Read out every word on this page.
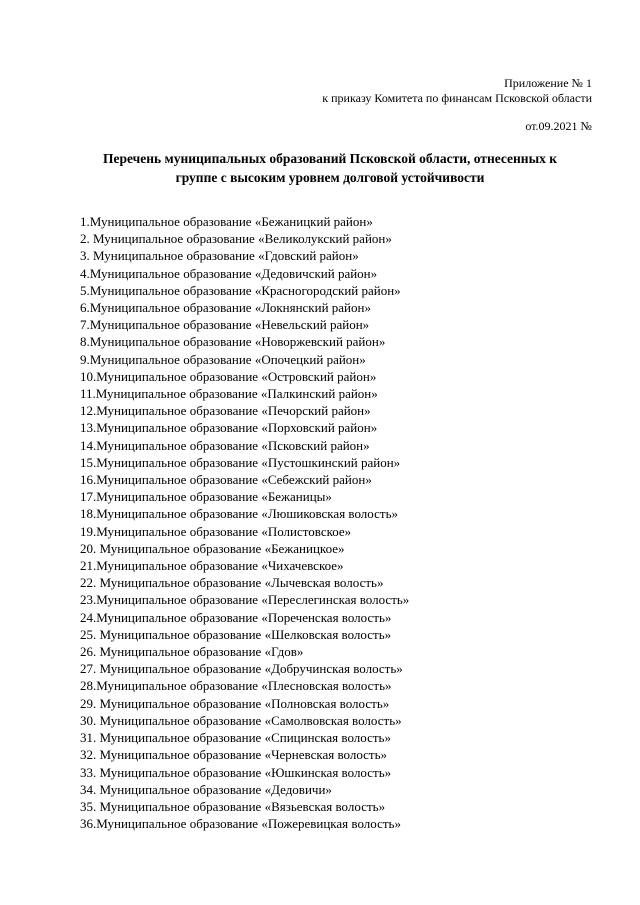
Приложение № 1
к приказу Комитета по финансам Псковской области
от.09.2021 №
Перечень муниципальных образований Псковской области, отнесенных к
группе с высоким уровнем долговой устойчивости
1.Муниципальное образование «Бежаницкий район»
2. Муниципальное образование «Великолукский район»
3. Муниципальное образование «Гдовский район»
4.Муниципальное образование «Дедовичский район»
5.Муниципальное образование «Красногородский район»
6.Муниципальное образование «Локнянский район»
7.Муниципальное образование «Невельский район»
8.Муниципальное образование «Новоржевский район»
9.Муниципальное образование «Опочецкий район»
10.Муниципальное образование «Островский район»
11.Муниципальное образование «Палкинский район»
12.Муниципальное образование «Печорский район»
13.Муниципальное образование «Порховский район»
14.Муниципальное образование «Псковский район»
15.Муниципальное образование «Пустошкинский район»
16.Муниципальное образование «Себежский район»
17.Муниципальное образование «Бежаницы»
18.Муниципальное образование «Люшиковская волость»
19.Муниципальное образование «Полистовское»
20. Муниципальное образование «Бежаницкое»
21.Муниципальное образование «Чихачевское»
22. Муниципальное образование «Лычевская волость»
23.Муниципальное образование «Переслегинская волость»
24.Муниципальное образование «Пореченская волость»
25. Муниципальное образование «Шелковская волость»
26. Муниципальное образование «Гдов»
27. Муниципальное образование «Добручинская волость»
28.Муниципальное образование «Плесновская волость»
29. Муниципальное образование «Полновская волость»
30. Муниципальное образование «Самолвовская волость»
31. Муниципальное образование «Спицинская волость»
32. Муниципальное образование «Черневская волость»
33. Муниципальное образование «Юшкинская волость»
34. Муниципальное образование «Дедовичи»
35. Муниципальное образование «Вязьевская волость»
36.Муниципальное образование «Пожеревицкая волость»
